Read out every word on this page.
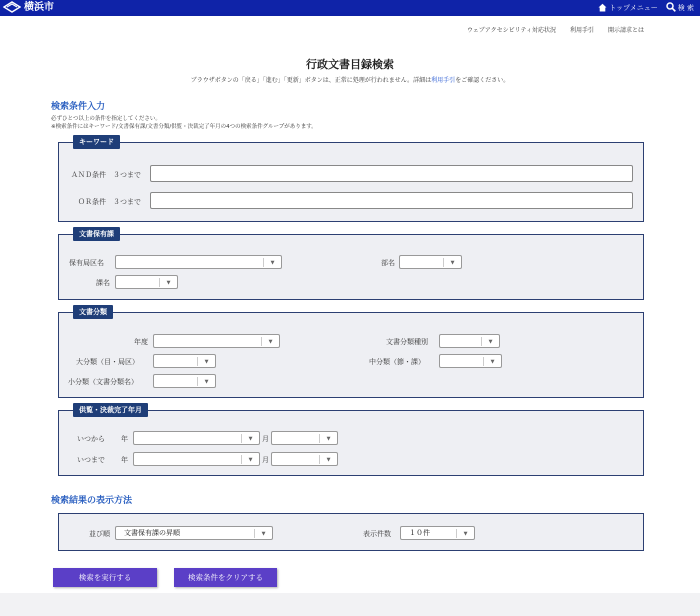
横浜市	トップメニュー	検 索
ウェブアクセシビリティ対応状況 利用手引 開示請求とは
行政文書目録検索
ブラウザボタンの「戻る」「進む」「更新」ボタンは、正常に処理が行われません。詳細は利用手引をご確認ください。
検索条件入力
必ずひとつ以上の条件を指定してください。
※検索条件にはキーワード/文書保有課/文書分類/供覧・決裁完了年月の4つの検索条件グループがあります。
キーワード
ＡＮＤ条件　３つまで
ＯＲ条件　３つまで
文書保有課
保有局区名	▼	部名	▼
課名	▼
文書分類
年度	▼	文書分類種別	▼
大分類（目・局区）	▼	中分類（節・課）	▼
小分類（文書分類名）	▼
供覧・決裁完了年月
いつから 年	▼	月	▼
いつまで 年	▼	月	▼
検索結果の表示方法
並び順 文書保有課の昇順	▼	表示件数	１０件	▼
検索を実行する	検索条件をクリアする
